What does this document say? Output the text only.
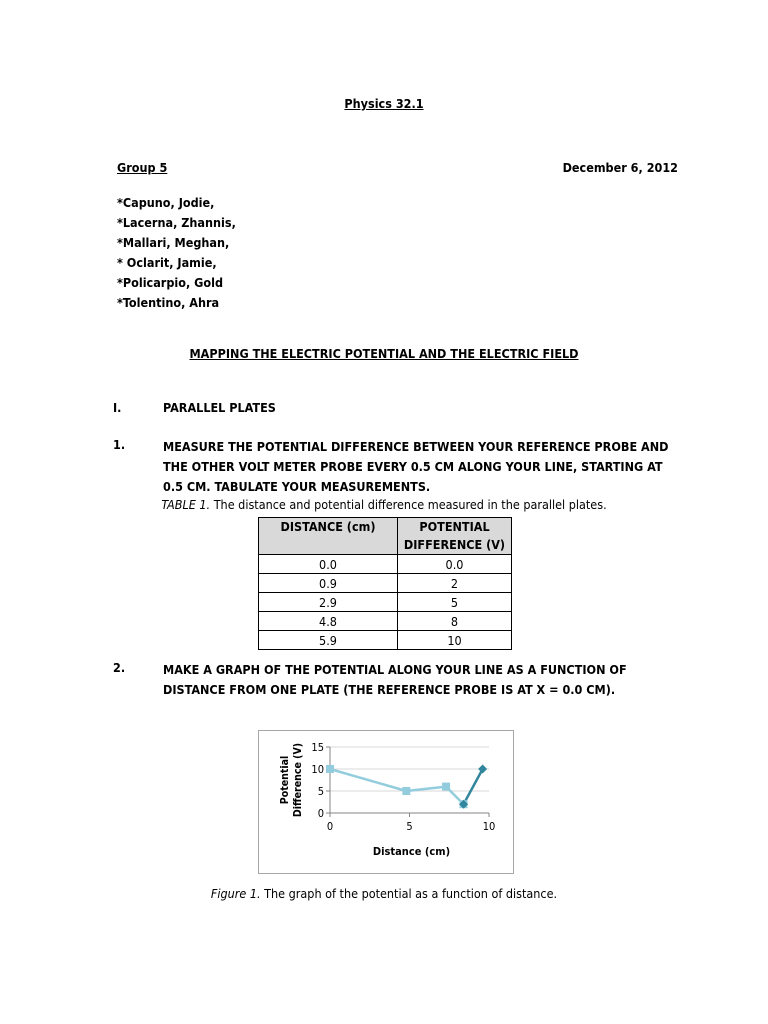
Physics 32.1
Group 5	December 6, 2012
*Capuno, Jodie,
*Lacerna, Zhannis,
*Mallari, Meghan,
* Oclarit, Jamie,
*Policarpio, Gold
*Tolentino, Ahra
MAPPING THE ELECTRIC POTENTIAL AND THE ELECTRIC FIELD
I.	PARALLEL PLATES
1.	MEASURE THE POTENTIAL DIFFERENCE BETWEEN YOUR REFERENCE PROBE AND THE OTHER VOLT METER PROBE EVERY 0.5 CM ALONG YOUR LINE, STARTING AT 0.5 CM. TABULATE YOUR MEASUREMENTS.
TABLE 1. The distance and potential difference measured in the parallel plates.
DISTANCE (cm)	POTENTIAL DIFFERENCE (V)
0.0	0.0
0.9	2
2.9	5
4.8	8
5.9	10
2.	MAKE A GRAPH OF THE POTENTIAL ALONG YOUR LINE AS A FUNCTION OF DISTANCE FROM ONE PLATE (THE REFERENCE PROBE IS AT X = 0.0 CM).
0
5
10
15
0	5	10
Distance (cm)
PotentialDifference (V)
Figure 1. The graph of the potential as a function of distance.
